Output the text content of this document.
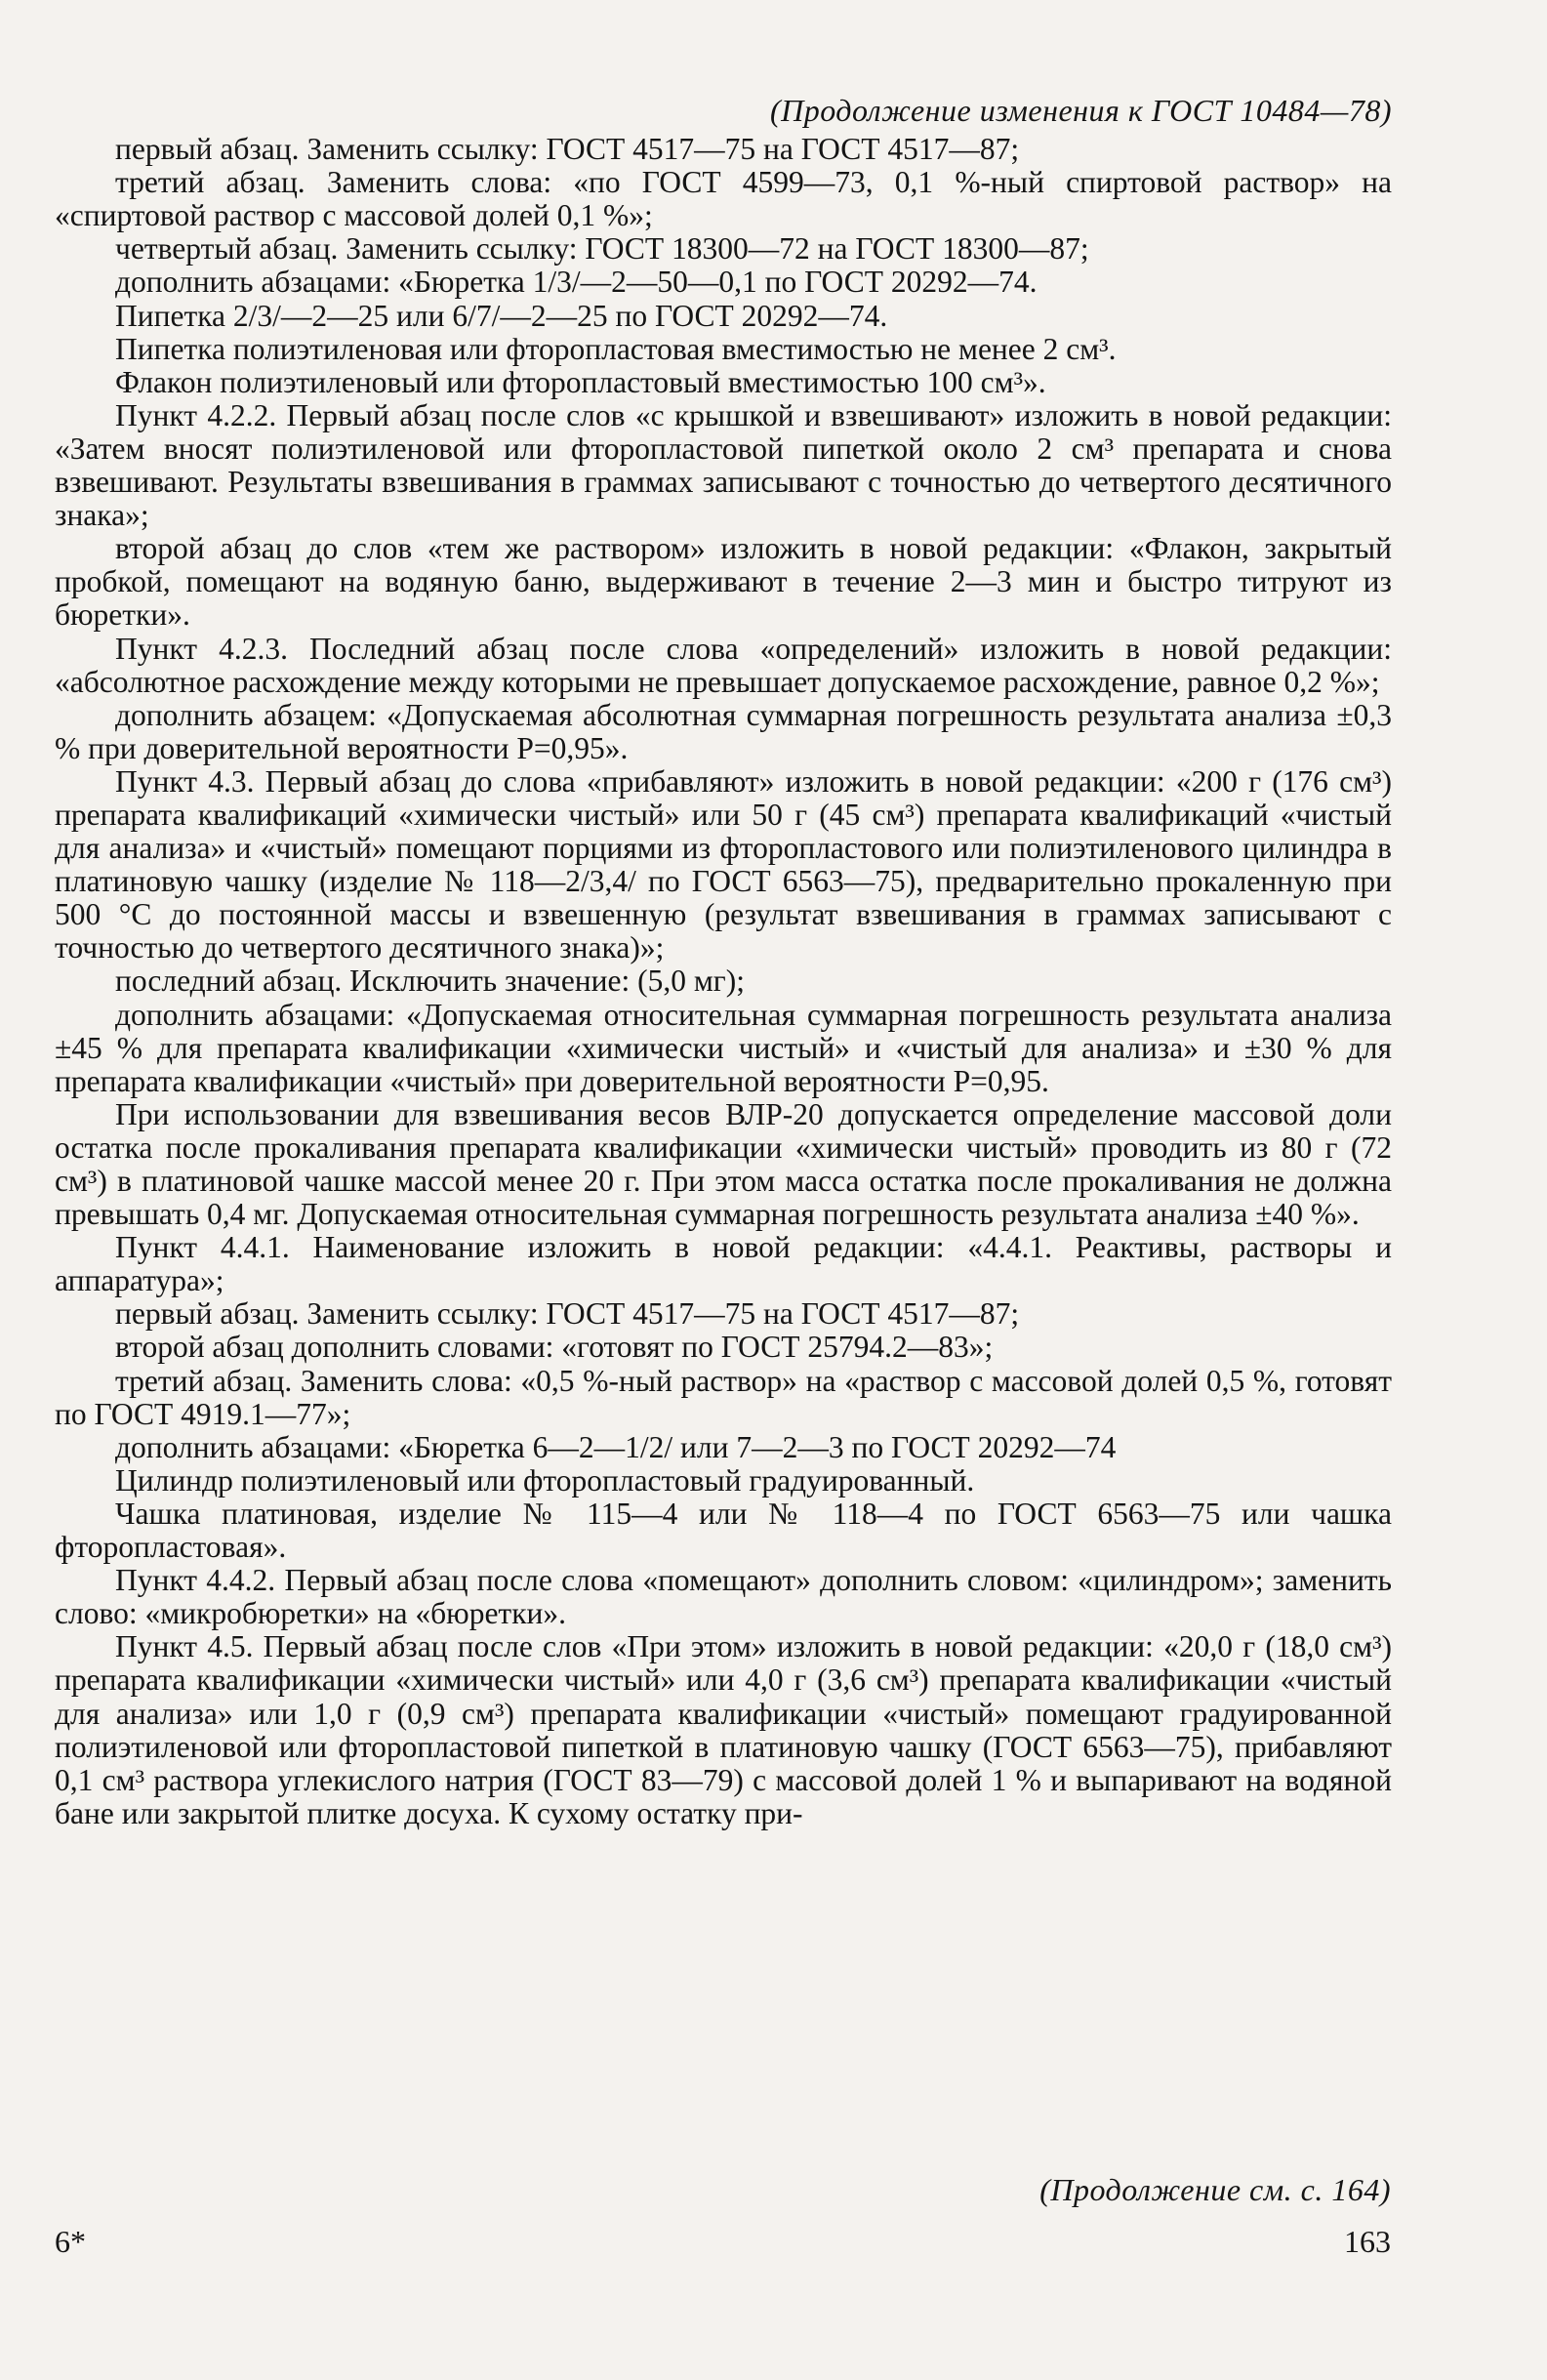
(Продолжение изменения к ГОСТ 10484—78)

первый абзац. Заменить ссылку: ГОСТ 4517—75 на ГОСТ 4517—87;

третий абзац. Заменить слова: «по ГОСТ 4599—73, 0,1 %-ный спиртовой раствор» на «спиртовой раствор с массовой долей 0,1 %»;

четвертый абзац. Заменить ссылку: ГОСТ 18300—72 на ГОСТ 18300—87;

дополнить абзацами: «Бюретка 1/3/—2—50—0,1 по ГОСТ 20292—74.

Пипетка 2/3/—2—25 или 6/7/—2—25 по ГОСТ 20292—74.

Пипетка полиэтиленовая или фторопластовая вместимостью не менее 2 см³.

Флакон полиэтиленовый или фторопластовый вместимостью 100 см³».

Пункт 4.2.2. Первый абзац после слов «с крышкой и взвешивают» изложить в новой редакции: «Затем вносят полиэтиленовой или фторопластовой пипеткой около 2 см³ препарата и снова взвешивают. Результаты взвешивания в граммах записывают с точностью до четвертого десятичного знака»;

второй абзац до слов «тем же раствором» изложить в новой редакции: «Флакон, закрытый пробкой, помещают на водяную баню, выдерживают в течение 2—3 мин и быстро титруют из бюретки».

Пункт 4.2.3. Последний абзац после слова «определений» изложить в новой редакции: «абсолютное расхождение между которыми не превышает допускаемое расхождение, равное 0,2 %»;

дополнить абзацем: «Допускаемая абсолютная суммарная погрешность результата анализа ±0,3 % при доверительной вероятности P=0,95».

Пункт 4.3. Первый абзац до слова «прибавляют» изложить в новой редакции: «200 г (176 см³) препарата квалификаций «химически чистый» или 50 г (45 см³) препарата квалификаций «чистый для анализа» и «чистый» помещают порциями из фторопластового или полиэтиленового цилиндра в платиновую чашку (изделие № 118—2/3,4/ по ГОСТ 6563—75), предварительно прокаленную при 500 °С до постоянной массы и взвешенную (результат взвешивания в граммах записывают с точностью до четвертого десятичного знака)»;

последний абзац. Исключить значение: (5,0 мг);

дополнить абзацами: «Допускаемая относительная суммарная погрешность результата анализа ±45 % для препарата квалификации «химически чистый» и «чистый для анализа» и ±30 % для препарата квалификации «чистый» при доверительной вероятности P=0,95.

При использовании для взвешивания весов ВЛР-20 допускается определение массовой доли остатка после прокаливания препарата квалификации «химически чистый» проводить из 80 г (72 см³) в платиновой чашке массой менее 20 г. При этом масса остатка после прокаливания не должна превышать 0,4 мг. Допускаемая относительная суммарная погрешность результата анализа ±40 %».

Пункт 4.4.1. Наименование изложить в новой редакции: «4.4.1. Реактивы, растворы и аппаратура»;

первый абзац. Заменить ссылку: ГОСТ 4517—75 на ГОСТ 4517—87;

второй абзац дополнить словами: «готовят по ГОСТ 25794.2—83»;

третий абзац. Заменить слова: «0,5 %-ный раствор» на «раствор с массовой долей 0,5 %, готовят по ГОСТ 4919.1—77»;

дополнить абзацами: «Бюретка 6—2—1/2/ или 7—2—3 по ГОСТ 20292—74

Цилиндр полиэтиленовый или фторопластовый градуированный.

Чашка платиновая, изделие № 115—4 или № 118—4 по ГОСТ 6563—75 или чашка фторопластовая».

Пункт 4.4.2. Первый абзац после слова «помещают» дополнить словом: «цилиндром»; заменить слово: «микробюретки» на «бюретки».

Пункт 4.5. Первый абзац после слов «При этом» изложить в новой редакции: «20,0 г (18,0 см³) препарата квалификации «химически чистый» или 4,0 г (3,6 см³) препарата квалификации «чистый для анализа» или 1,0 г (0,9 см³) препарата квалификации «чистый» помещают градуированной полиэтиленовой или фторопластовой пипеткой в платиновую чашку (ГОСТ 6563—75), прибавляют 0,1 см³ раствора углекислого натрия (ГОСТ 83—79) с массовой долей 1 % и выпаривают на водяной бане или закрытой плитке досуха. К сухому остатку при-

(Продолжение см. с. 164)
6*	163
